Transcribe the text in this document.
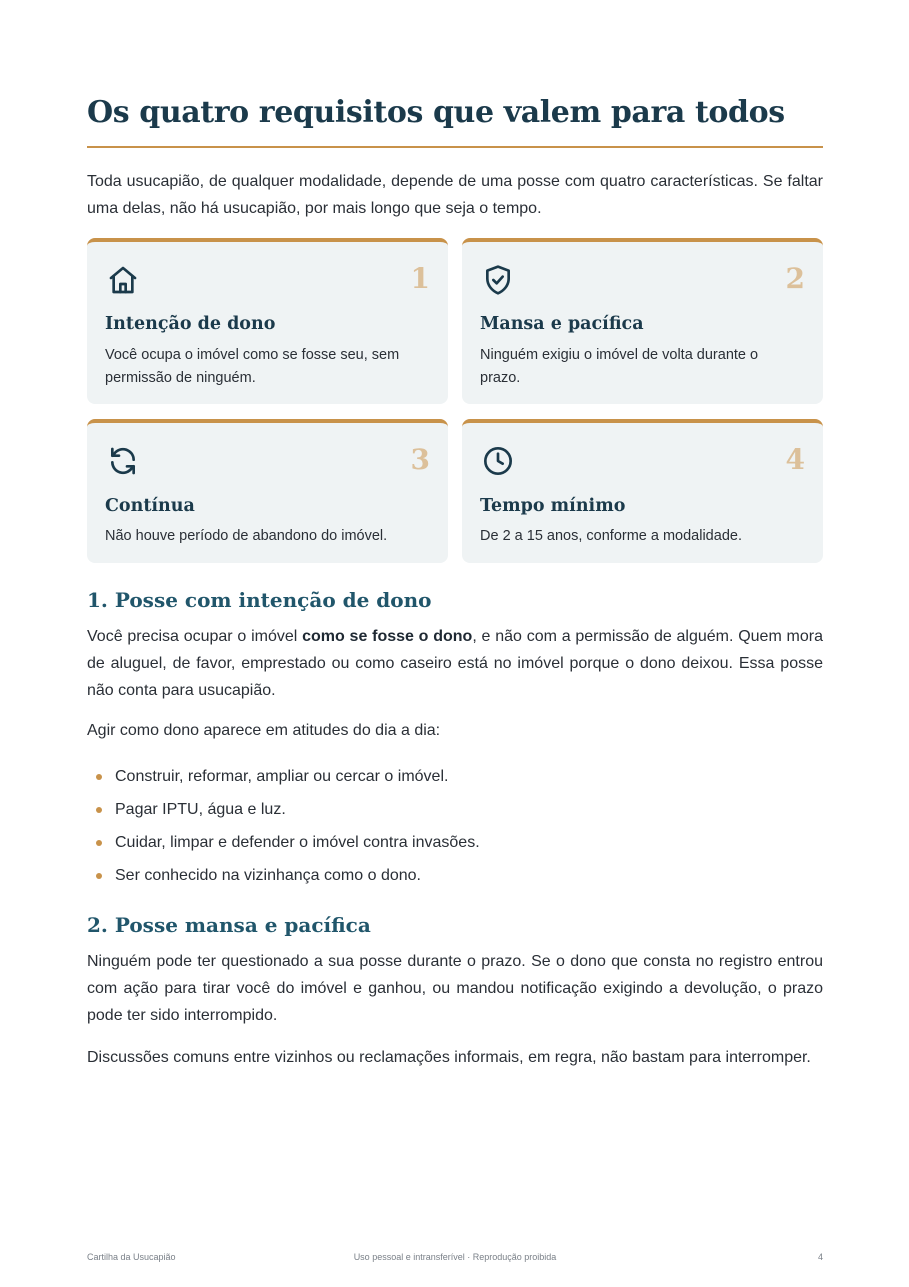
Os quatro requisitos que valem para todos

Toda usucapião, de qualquer modalidade, depende de uma posse com quatro características. Se faltar uma delas, não há usucapião, por mais longo que seja o tempo.

1
Intenção de dono
Você ocupa o imóvel como se fosse seu, sem permissão de ninguém.
2
Mansa e pacífica
Ninguém exigiu o imóvel de volta durante o prazo.
3
Contínua
Não houve período de abandono do imóvel.
4
Tempo mínimo
De 2 a 15 anos, conforme a modalidade.
1. Posse com intenção de dono

Você precisa ocupar o imóvel como se fosse o dono, e não com a permissão de alguém. Quem mora de aluguel, de favor, emprestado ou como caseiro está no imóvel porque o dono deixou. Essa posse não conta para usucapião.

Agir como dono aparece em atitudes do dia a dia:

Construir, reformar, ampliar ou cercar o imóvel.
Pagar IPTU, água e luz.
Cuidar, limpar e defender o imóvel contra invasões.
Ser conhecido na vizinhança como o dono.
2. Posse mansa e pacífica

Ninguém pode ter questionado a sua posse durante o prazo. Se o dono que consta no registro entrou com ação para tirar você do imóvel e ganhou, ou mandou notificação exigindo a devolução, o prazo pode ter sido interrompido.

Discussões comuns entre vizinhos ou reclamações informais, em regra, não bastam para interromper.

Cartilha da Usucapião	Uso pessoal e intransferível · Reprodução proibida	4
